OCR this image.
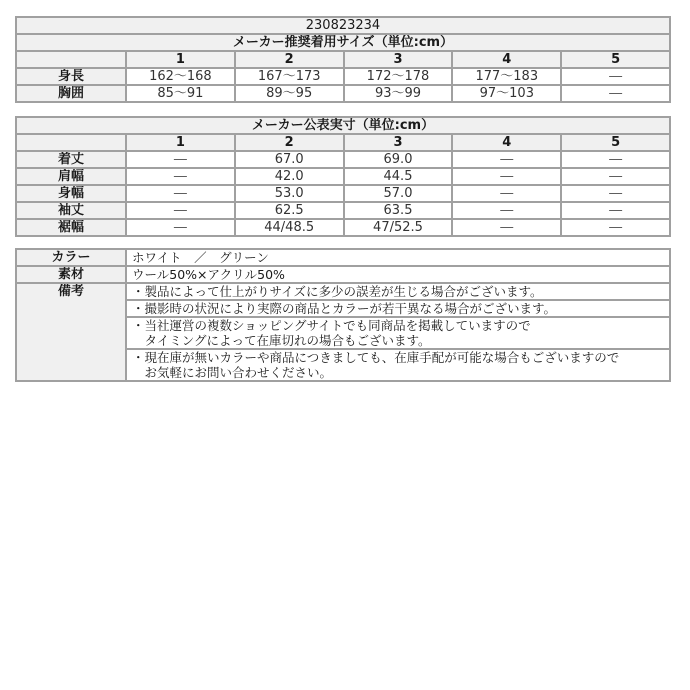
230823234					
メーカー推奨着用サイズ（単位:cm）					
	1	2	3	4	5
身長	162～168	167～173	172～178	177～183	―
胸囲	85～91	89～95	93～99	97～103	―
メーカー公表実寸（単位:cm）					
	1	2	3	4	5
着丈	―	67.0	69.0	―	―
肩幅	―	42.0	44.5	―	―
身幅	―	53.0	57.0	―	―
袖丈	―	62.5	63.5	―	―
裾幅	―	44/48.5	47/52.5	―	―
カラー	ホワイト　／　グリーン
素材	ウール50%×アクリル50%
備考	・製品によって仕上がりサイズに多少の誤差が生じる場合がございます。
	・撮影時の状況により実際の商品とカラーが若干異なる場合がございます。

	・当社運営の複数ショッピングサイトでも同商品を掲載していますので
　タイミングによって在庫切れの場合もございます。

	・現在庫が無いカラーや商品につきましても、在庫手配が可能な場合もございますので
　お気軽にお問い合わせください。
